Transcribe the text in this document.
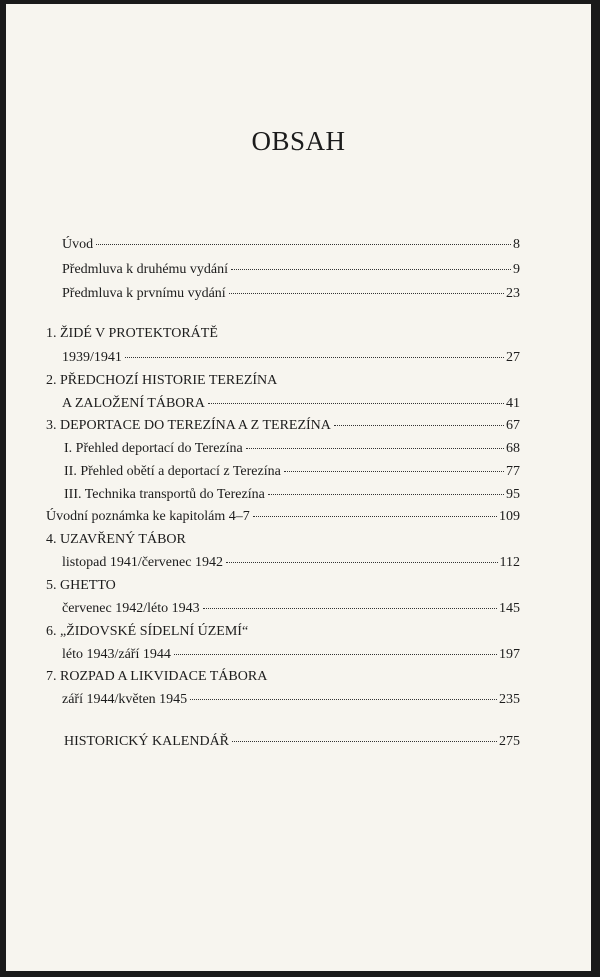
OBSAH
Úvod	8
Předmluva k druhému vydání	9
Předmluva k prvnímu vydání	23
1. ŽIDÉ V PROTEKTORÁTĚ
1939/1941	27
2. PŘEDCHOZÍ HISTORIE TEREZÍNA
A ZALOŽENÍ TÁBORA	41
3. DEPORTACE DO TEREZÍNA A Z TEREZÍNA	67
I. Přehled deportací do Terezína	68
II. Přehled obětí a deportací z Terezína	77
III. Technika transportů do Terezína	95
Úvodní poznámka ke kapitolám 4–7	109
4. UZAVŘENÝ TÁBOR
listopad 1941/červenec 1942	112
5. GHETTO
červenec 1942/léto 1943	145
6. „ŽIDOVSKÉ SÍDELNÍ ÚZEMÍ“
léto 1943/září 1944	197
7. ROZPAD A LIKVIDACE TÁBORA
září 1944/květen 1945	235
HISTORICKÝ KALENDÁŘ	275
